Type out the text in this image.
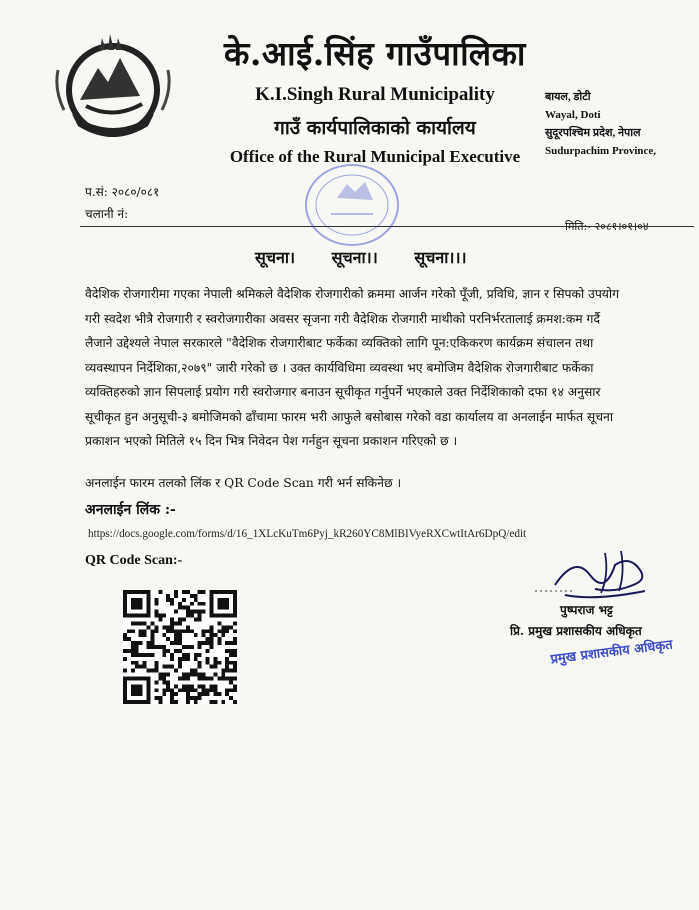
के.आई.सिंह गाउँपालिका
K.I.Singh Rural Municipality
गाउँ कार्यपालिकाको कार्यालय
Office of the Rural Municipal Executive
बायल, डोटी
Wayal, Doti
सुदूरपश्चिम प्रदेश, नेपाल
Sudurpachim Province,
प.सं: २०८०/०८१
चलानी नं:
मिति:- २०८१।०१।०४
सूचना। सूचना।। सूचना।।।
वैदेशिक रोजगारीमा गएका नेपाली श्रमिकले वैदेशिक रोजगारीको क्रममा आर्जन गरेको पूँजी, प्रविधि, ज्ञान र सिपको उपयोग
गरी स्वदेश भीत्रै रोजगारी र स्वरोजगारीका अवसर सृजना गरी वैदेशिक रोजगारी माथीको परनिर्भरतालाई क्रमश:कम गर्दै
लैजाने उद्देश्यले नेपाल सरकारले "वैदेशिक रोजगारीबाट फर्केका व्यक्तिको लागि पून:एकिकरण कार्यक्रम संचालन तथा
व्यवस्थापन निर्देशिका,२०७९" जारी गरेको छ । उक्त कार्यविधिमा व्यवस्था भए बमोजिम वैदेशिक रोजगारीबाट फर्केका
व्यक्तिहरुको ज्ञान सिपलाई प्रयोग गरी स्वरोजगार बनाउन सूचीकृत गर्नुपर्ने भएकाले उक्त निर्देशिकाको दफा १४ अनुसार
सूचीकृत हुन अनुसूची-३ बमोजिमको ढाँचामा फारम भरी आफुले बसोबास गरेको वडा कार्यालय वा अनलाईन मार्फत सूचना
प्रकाशन भएको मितिले १५ दिन भित्र निवेदन पेश गर्नहुन सूचना प्रकाशन गरिएको छ ।
अनलाईन फारम तलको लिंक र QR Code Scan गरी भर्न सकिनेछ ।
अनलाईन लिंक :-
https://docs.google.com/forms/d/16_1XLcKuTm6Pyj_kR260YC8MlBIVyeRXCwtItAr6DpQ/edit
QR Code Scan:-
पुष्पराज भट्ट
प्रि. प्रमुख प्रशासकीय अधिकृत
प्रमुख प्रशासकीय अधिकृत
